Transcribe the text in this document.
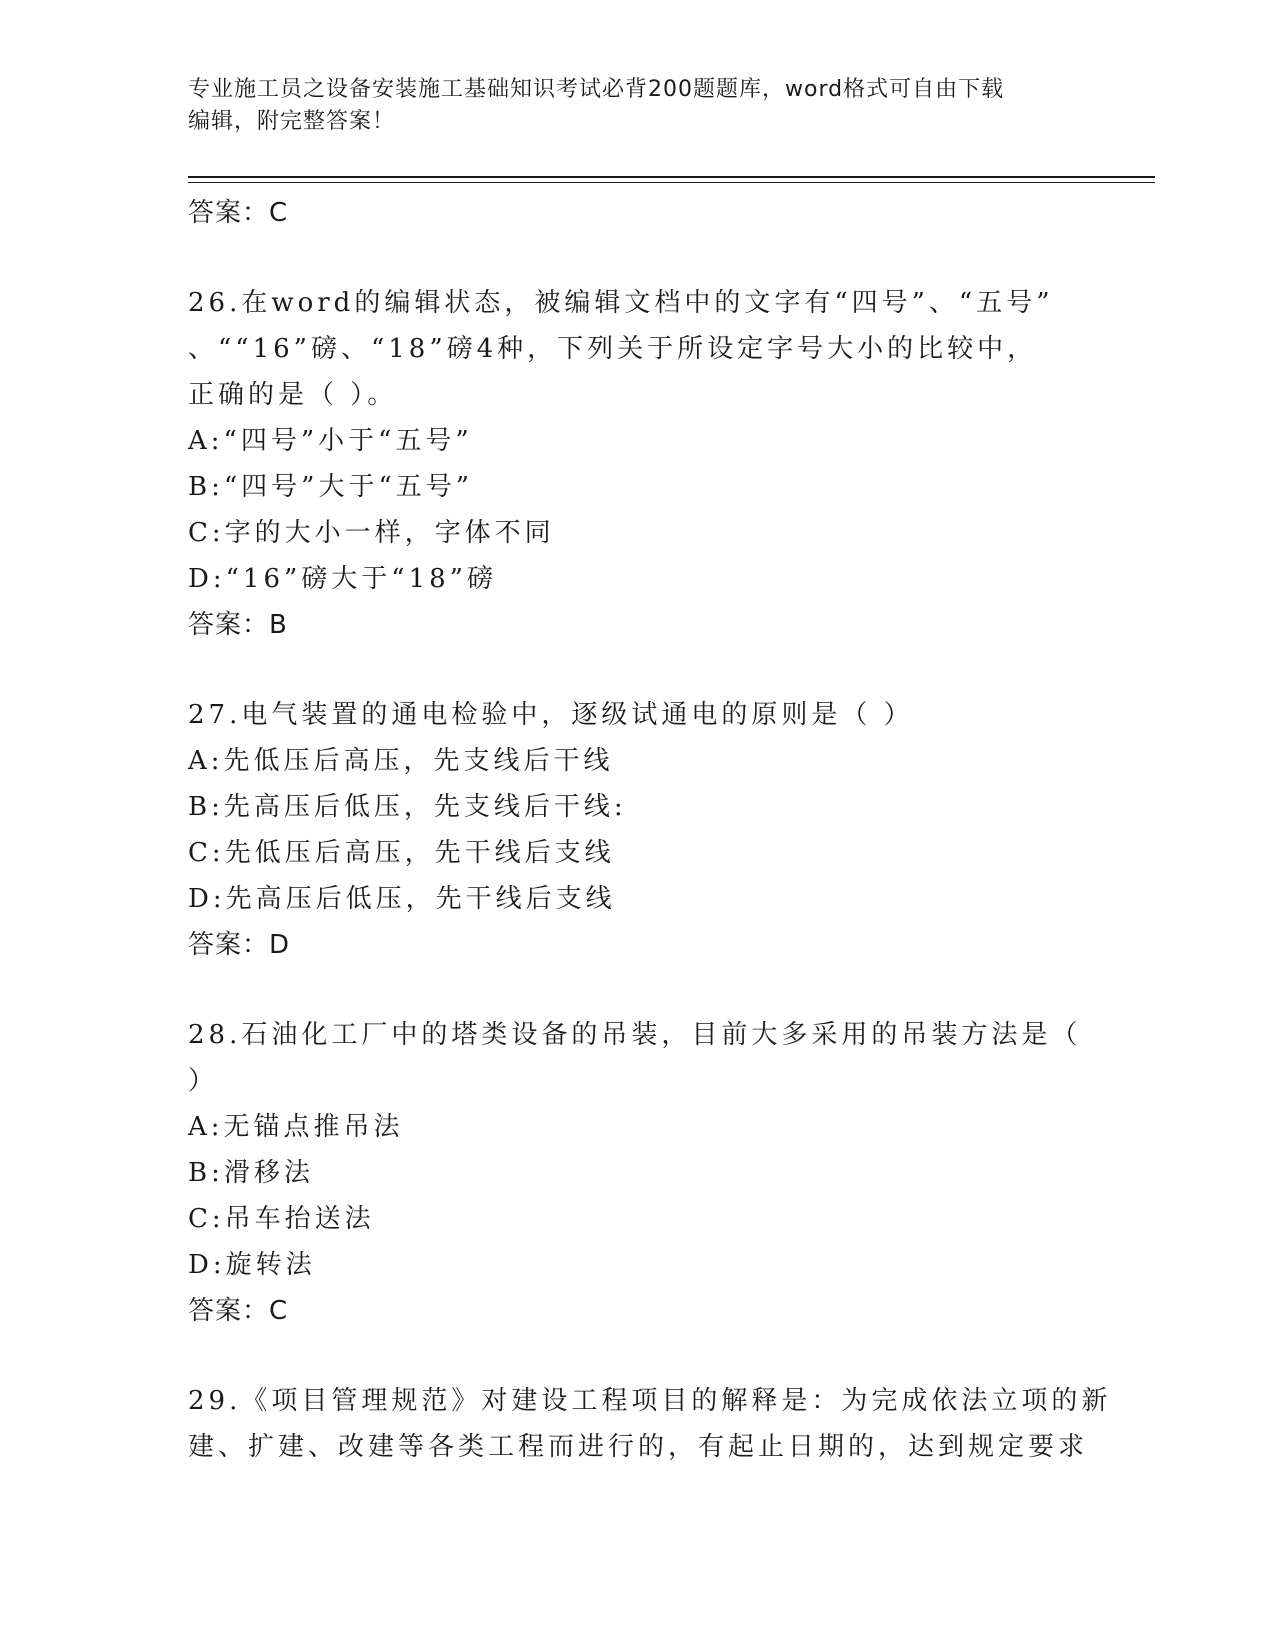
专业施工员之设备安装施工基础知识考试必背200题题库，word格式可自由下载
编辑，附完整答案！
答案：C
26.在word的编辑状态，被编辑文档中的文字有“四号”、“五号”
、““16”磅、“18”磅4种，下列关于所设定字号大小的比较中，
正确的是（ ）。
A:“四号”小于“五号”
B:“四号”大于“五号”
C:字的大小一样，字体不同
D:“16”磅大于“18”磅
答案：B
27.电气装置的通电检验中，逐级试通电的原则是（ ）
A:先低压后高压，先支线后干线
B:先高压后低压，先支线后干线:
C:先低压后高压，先干线后支线
D:先高压后低压，先干线后支线
答案：D
28.石油化工厂中的塔类设备的吊装，目前大多采用的吊装方法是（
）
A:无锚点推吊法
B:滑移法
C:吊车抬送法
D:旋转法
答案：C
29.《项目管理规范》对建设工程项目的解释是：为完成依法立项的新
建、扩建、改建等各类工程而进行的，有起止日期的，达到规定要求
